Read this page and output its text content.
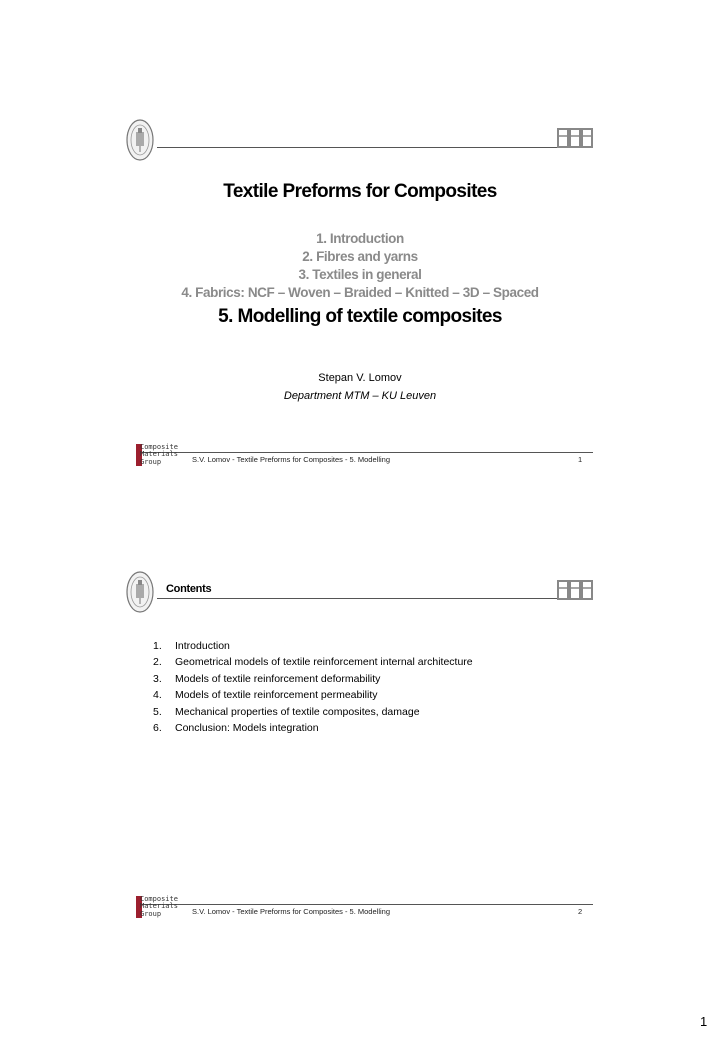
Textile Preforms for Composites
1. Introduction
2. Fibres and yarns
3. Textiles in general
4. Fabrics: NCF – Woven – Braided – Knitted – 3D – Spaced
5. Modelling of textile composites
Stepan V. Lomov
Department MTM – KU Leuven
Composite
Materials
Group	S.V. Lomov - Textile Preforms for Composites - 5. Modelling	1
Contents
1.	Introduction
2.	Geometrical models of textile reinforcement internal architecture
3.	Models of textile reinforcement deformability
4.	Models of textile reinforcement permeability
5.	Mechanical properties of textile composites, damage
6.	Conclusion: Models integration
Composite
Materials
Group	S.V. Lomov - Textile Preforms for Composites - 5. Modelling	2
1
